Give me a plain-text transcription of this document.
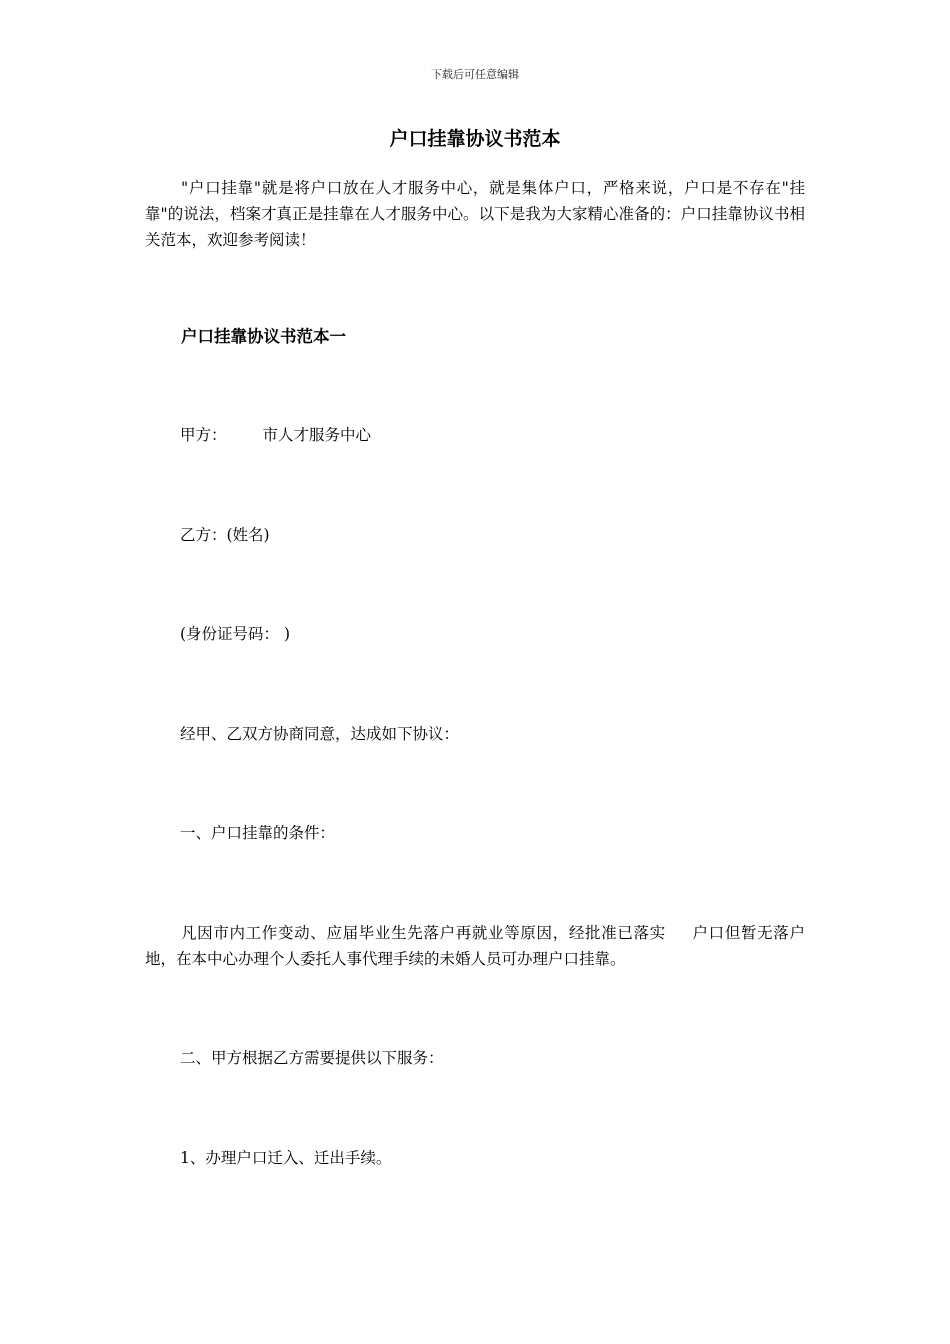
下载后可任意编辑
户口挂靠协议书范本

"户口挂靠"就是将户口放在人才服务中心，就是集体户口，严格来说，户口是不存在"挂靠"的说法，档案才真正是挂靠在人才服务中心。以下是我为大家精心准备的：户口挂靠协议书相关范本，欢迎参考阅读！

户口挂靠协议书范本一

甲方： 市人才服务中心

乙方：(姓名)

(身份证号码： )

经甲、乙双方协商同意，达成如下协议：

一、户口挂靠的条件：

凡因市内工作变动、应届毕业生先落户再就业等原因，经批准已落实 户口但暂无落户地，在本中心办理个人委托人事代理手续的未婚人员可办理户口挂靠。

二、甲方根据乙方需要提供以下服务：

1、办理户口迁入、迁出手续。
